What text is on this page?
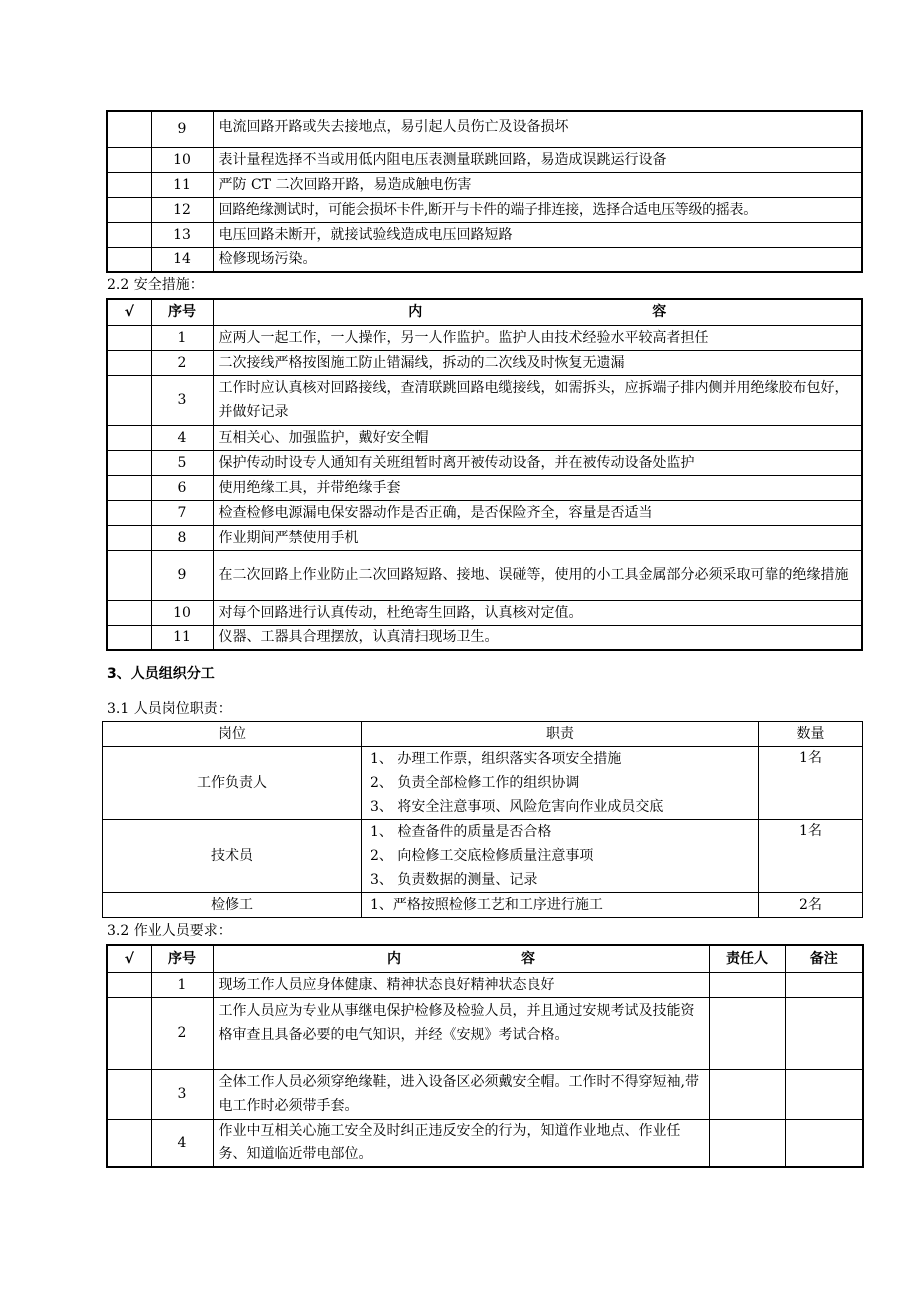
	9	电流回路开路或失去接地点，易引起人员伤亡及设备损坏
	10	表计量程选择不当或用低内阻电压表测量联跳回路，易造成误跳运行设备
	11	严防 CT 二次回路开路，易造成触电伤害
	12	回路绝缘测试时，可能会损坏卡件,断开与卡件的端子排连接，选择合适电压等级的摇表。
	13	电压回路未断开，就接试验线造成电压回路短路
	14	检修现场污染。
2.2 安全措施：
√	序号	内 容
	1	应两人一起工作，一人操作，另一人作监护。监护人由技术经验水平较高者担任
	2	二次接线严格按图施工防止错漏线，拆动的二次线及时恢复无遗漏
	3	工作时应认真核对回路接线，查清联跳回路电缆接线，如需拆头，应拆端子排内侧并用绝缘胶布包好，并做好记录
	4	互相关心、加强监护，戴好安全帽
	5	保护传动时设专人通知有关班组暂时离开被传动设备，并在被传动设备处监护
	6	使用绝缘工具，并带绝缘手套
	7	检查检修电源漏电保安器动作是否正确，是否保险齐全，容量是否适当
	8	作业期间严禁使用手机
	9	在二次回路上作业防止二次回路短路、接地、误碰等，使用的小工具金属部分必须采取可靠的绝缘措施
	10	对每个回路进行认真传动，杜绝寄生回路，认真核对定值。
	11	仪器、工器具合理摆放，认真清扫现场卫生。
3、人员组织分工
3.1 人员岗位职责：
岗位	职责	数量
工作负责人	1、 办理工作票，组织落实各项安全措施
2、 负责全部检修工作的组织协调
3、 将安全注意事项、风险危害向作业成员交底	1名
技术员	1、 检查备件的质量是否合格
2、 向检修工交底检修质量注意事项
3、 负责数据的测量、记录	1名
检修工	1、严格按照检修工艺和工序进行施工	2名
3.2 作业人员要求：
√	序号	内 容	责任人	备注
	1	现场工作人员应身体健康、精神状态良好精神状态良好		
	2	工作人员应为专业从事继电保护检修及检验人员，并且通过安规考试及技能资格审查且具备必要的电气知识，并经《安规》考试合格。		
	3	全体工作人员必须穿绝缘鞋，进入设备区必须戴安全帽。工作时不得穿短袖,带电工作时必须带手套。		
	4	作业中互相关心施工安全及时纠正违反安全的行为，知道作业地点、作业任务、知道临近带电部位。		
